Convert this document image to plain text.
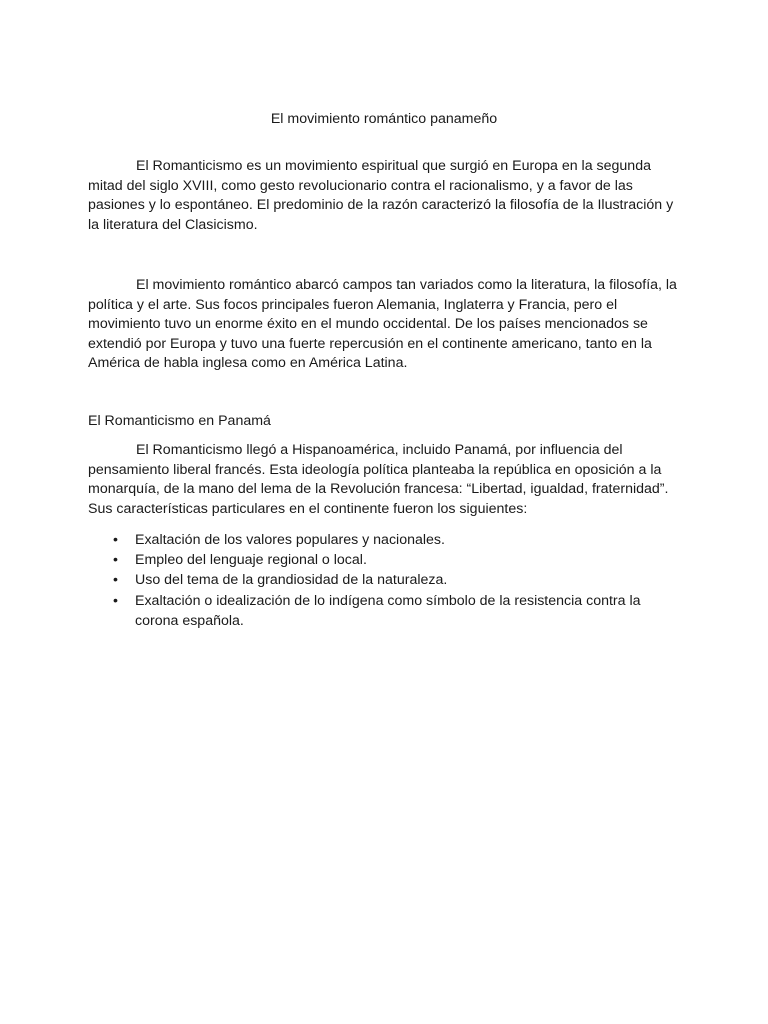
El movimiento romántico panameño

El Romanticismo es un movimiento espiritual que surgió en Europa en la segunda mitad del siglo XVIII, como gesto revolucionario contra el racionalismo, y a favor de las pasiones y lo espontáneo. El predominio de la razón caracterizó la filosofía de la Ilustración y la literatura del Clasicismo.

El movimiento romántico abarcó campos tan variados como la literatura, la filosofía, la política y el arte. Sus focos principales fueron Alemania, Inglaterra y Francia, pero el movimiento tuvo un enorme éxito en el mundo occidental. De los países mencionados se extendió por Europa y tuvo una fuerte repercusión en el continente americano, tanto en la América de habla inglesa como en América Latina.

El Romanticismo en Panamá

El Romanticismo llegó a Hispanoamérica, incluido Panamá, por influencia del pensamiento liberal francés. Esta ideología política planteaba la república en oposición a la monarquía, de la mano del lema de la Revolución francesa: “Libertad, igualdad, fraternidad”. Sus características particulares en el continente fueron los siguientes:

• Exaltación de los valores populares y nacionales.
• Empleo del lenguaje regional o local.
• Uso del tema de la grandiosidad de la naturaleza.
• Exaltación o idealización de lo indígena como símbolo de la resistencia contra la corona española.
